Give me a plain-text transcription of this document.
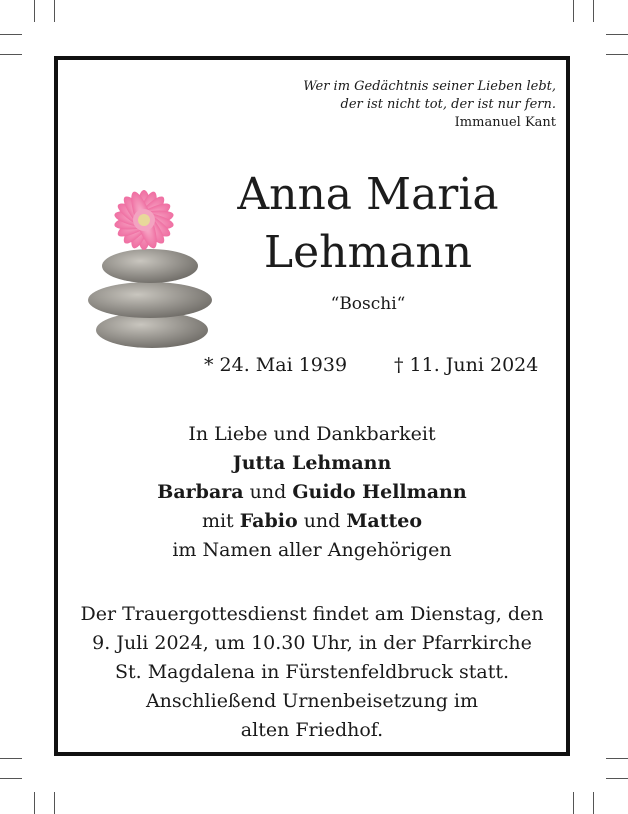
Wer im Gedächtnis seiner Lieben lebt,
der ist nicht tot, der ist nur fern.
Immanuel Kant
Anna Maria
Lehmann
“Boschi“
* 24. Mai 1939 † 11. Juni 2024
In Liebe und Dankbarkeit
Jutta Lehmann
Barbara und Guido Hellmann
mit Fabio und Matteo
im Namen aller Angehörigen
Der Trauergottesdienst findet am Dienstag, den
9. Juli 2024, um 10.30 Uhr, in der Pfarrkirche
St. Magdalena in Fürstenfeldbruck statt.
Anschließend Urnenbeisetzung im
alten Friedhof.
